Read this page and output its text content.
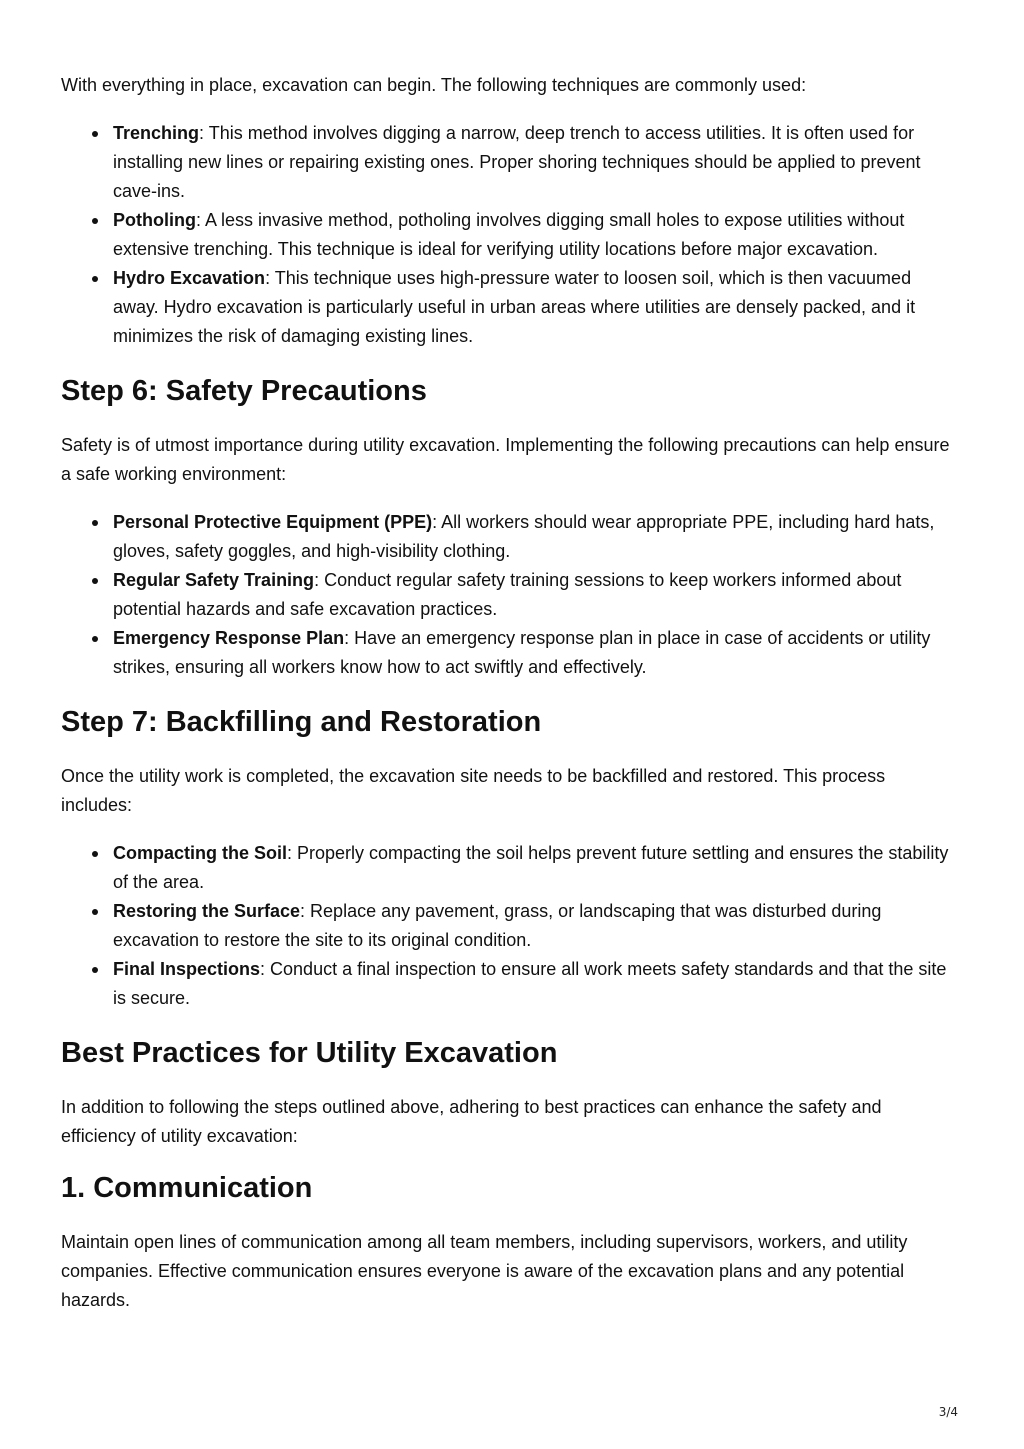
With everything in place, excavation can begin. The following techniques are commonly used:

Trenching: This method involves digging a narrow, deep trench to access utilities. It is often used for installing new lines or repairing existing ones. Proper shoring techniques should be applied to prevent cave-ins.
Potholing: A less invasive method, potholing involves digging small holes to expose utilities without extensive trenching. This technique is ideal for verifying utility locations before major excavation.
Hydro Excavation: This technique uses high-pressure water to loosen soil, which is then vacuumed away. Hydro excavation is particularly useful in urban areas where utilities are densely packed, and it minimizes the risk of damaging existing lines.
Step 6: Safety Precautions

Safety is of utmost importance during utility excavation. Implementing the following precautions can help ensure a safe working environment:

Personal Protective Equipment (PPE): All workers should wear appropriate PPE, including hard hats, gloves, safety goggles, and high-visibility clothing.
Regular Safety Training: Conduct regular safety training sessions to keep workers informed about potential hazards and safe excavation practices.
Emergency Response Plan: Have an emergency response plan in place in case of accidents or utility strikes, ensuring all workers know how to act swiftly and effectively.
Step 7: Backfilling and Restoration

Once the utility work is completed, the excavation site needs to be backfilled and restored. This process includes:

Compacting the Soil: Properly compacting the soil helps prevent future settling and ensures the stability of the area.
Restoring the Surface: Replace any pavement, grass, or landscaping that was disturbed during excavation to restore the site to its original condition.
Final Inspections: Conduct a final inspection to ensure all work meets safety standards and that the site is secure.
Best Practices for Utility Excavation

In addition to following the steps outlined above, adhering to best practices can enhance the safety and efficiency of utility excavation:

1. Communication

Maintain open lines of communication among all team members, including supervisors, workers, and utility companies. Effective communication ensures everyone is aware of the excavation plans and any potential hazards.

3/4
